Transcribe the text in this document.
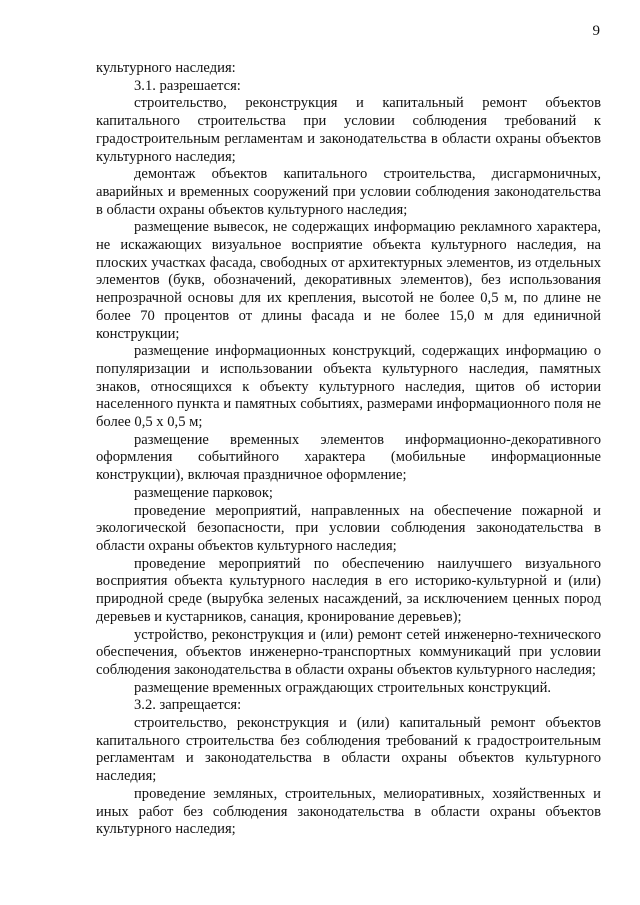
9

культурного наследия:

3.1. разрешается:

строительство, реконструкция и капитальный ремонт объектов капитального строительства при условии соблюдения требований к градостроительным регламентам и законодательства в области охраны объектов культурного наследия;

демонтаж объектов капитального строительства, дисгармоничных, аварийных и временных сооружений при условии соблюдения законодательства в области охраны объектов культурного наследия;

размещение вывесок, не содержащих информацию рекламного характера, не искажающих визуальное восприятие объекта культурного наследия, на плоских участках фасада, свободных от архитектурных элементов, из отдельных элементов (букв, обозначений, декоративных элементов), без использования непрозрачной основы для их крепления, высотой не более 0,5 м, по длине не более 70 процентов от длины фасада и не более 15,0 м для единичной конструкции;

размещение информационных конструкций, содержащих информацию о популяризации и использовании объекта культурного наследия, памятных знаков, относящихся к объекту культурного наследия, щитов об истории населенного пункта и памятных событиях, размерами информационного поля не более 0,5 х 0,5 м;

размещение временных элементов информационно-декоративного оформления событийного характера (мобильные информационные конструкции), включая праздничное оформление;

размещение парковок;

проведение мероприятий, направленных на обеспечение пожарной и экологической безопасности, при условии соблюдения законодательства в области охраны объектов культурного наследия;

проведение мероприятий по обеспечению наилучшего визуального восприятия объекта культурного наследия в его историко-культурной и (или) природной среде (вырубка зеленых насаждений, за исключением ценных пород деревьев и кустарников, санация, кронирование деревьев);

устройство, реконструкция и (или) ремонт сетей инженерно-технического обеспечения, объектов инженерно-транспортных коммуникаций при условии соблюдения законодательства в области охраны объектов культурного наследия;

размещение временных ограждающих строительных конструкций.

3.2. запрещается:

строительство, реконструкция и (или) капитальный ремонт объектов капитального строительства без соблюдения требований к градостроительным регламентам и законодательства в области охраны объектов культурного наследия;

проведение земляных, строительных, мелиоративных, хозяйственных и иных работ без соблюдения законодательства в области охраны объектов культурного наследия;
